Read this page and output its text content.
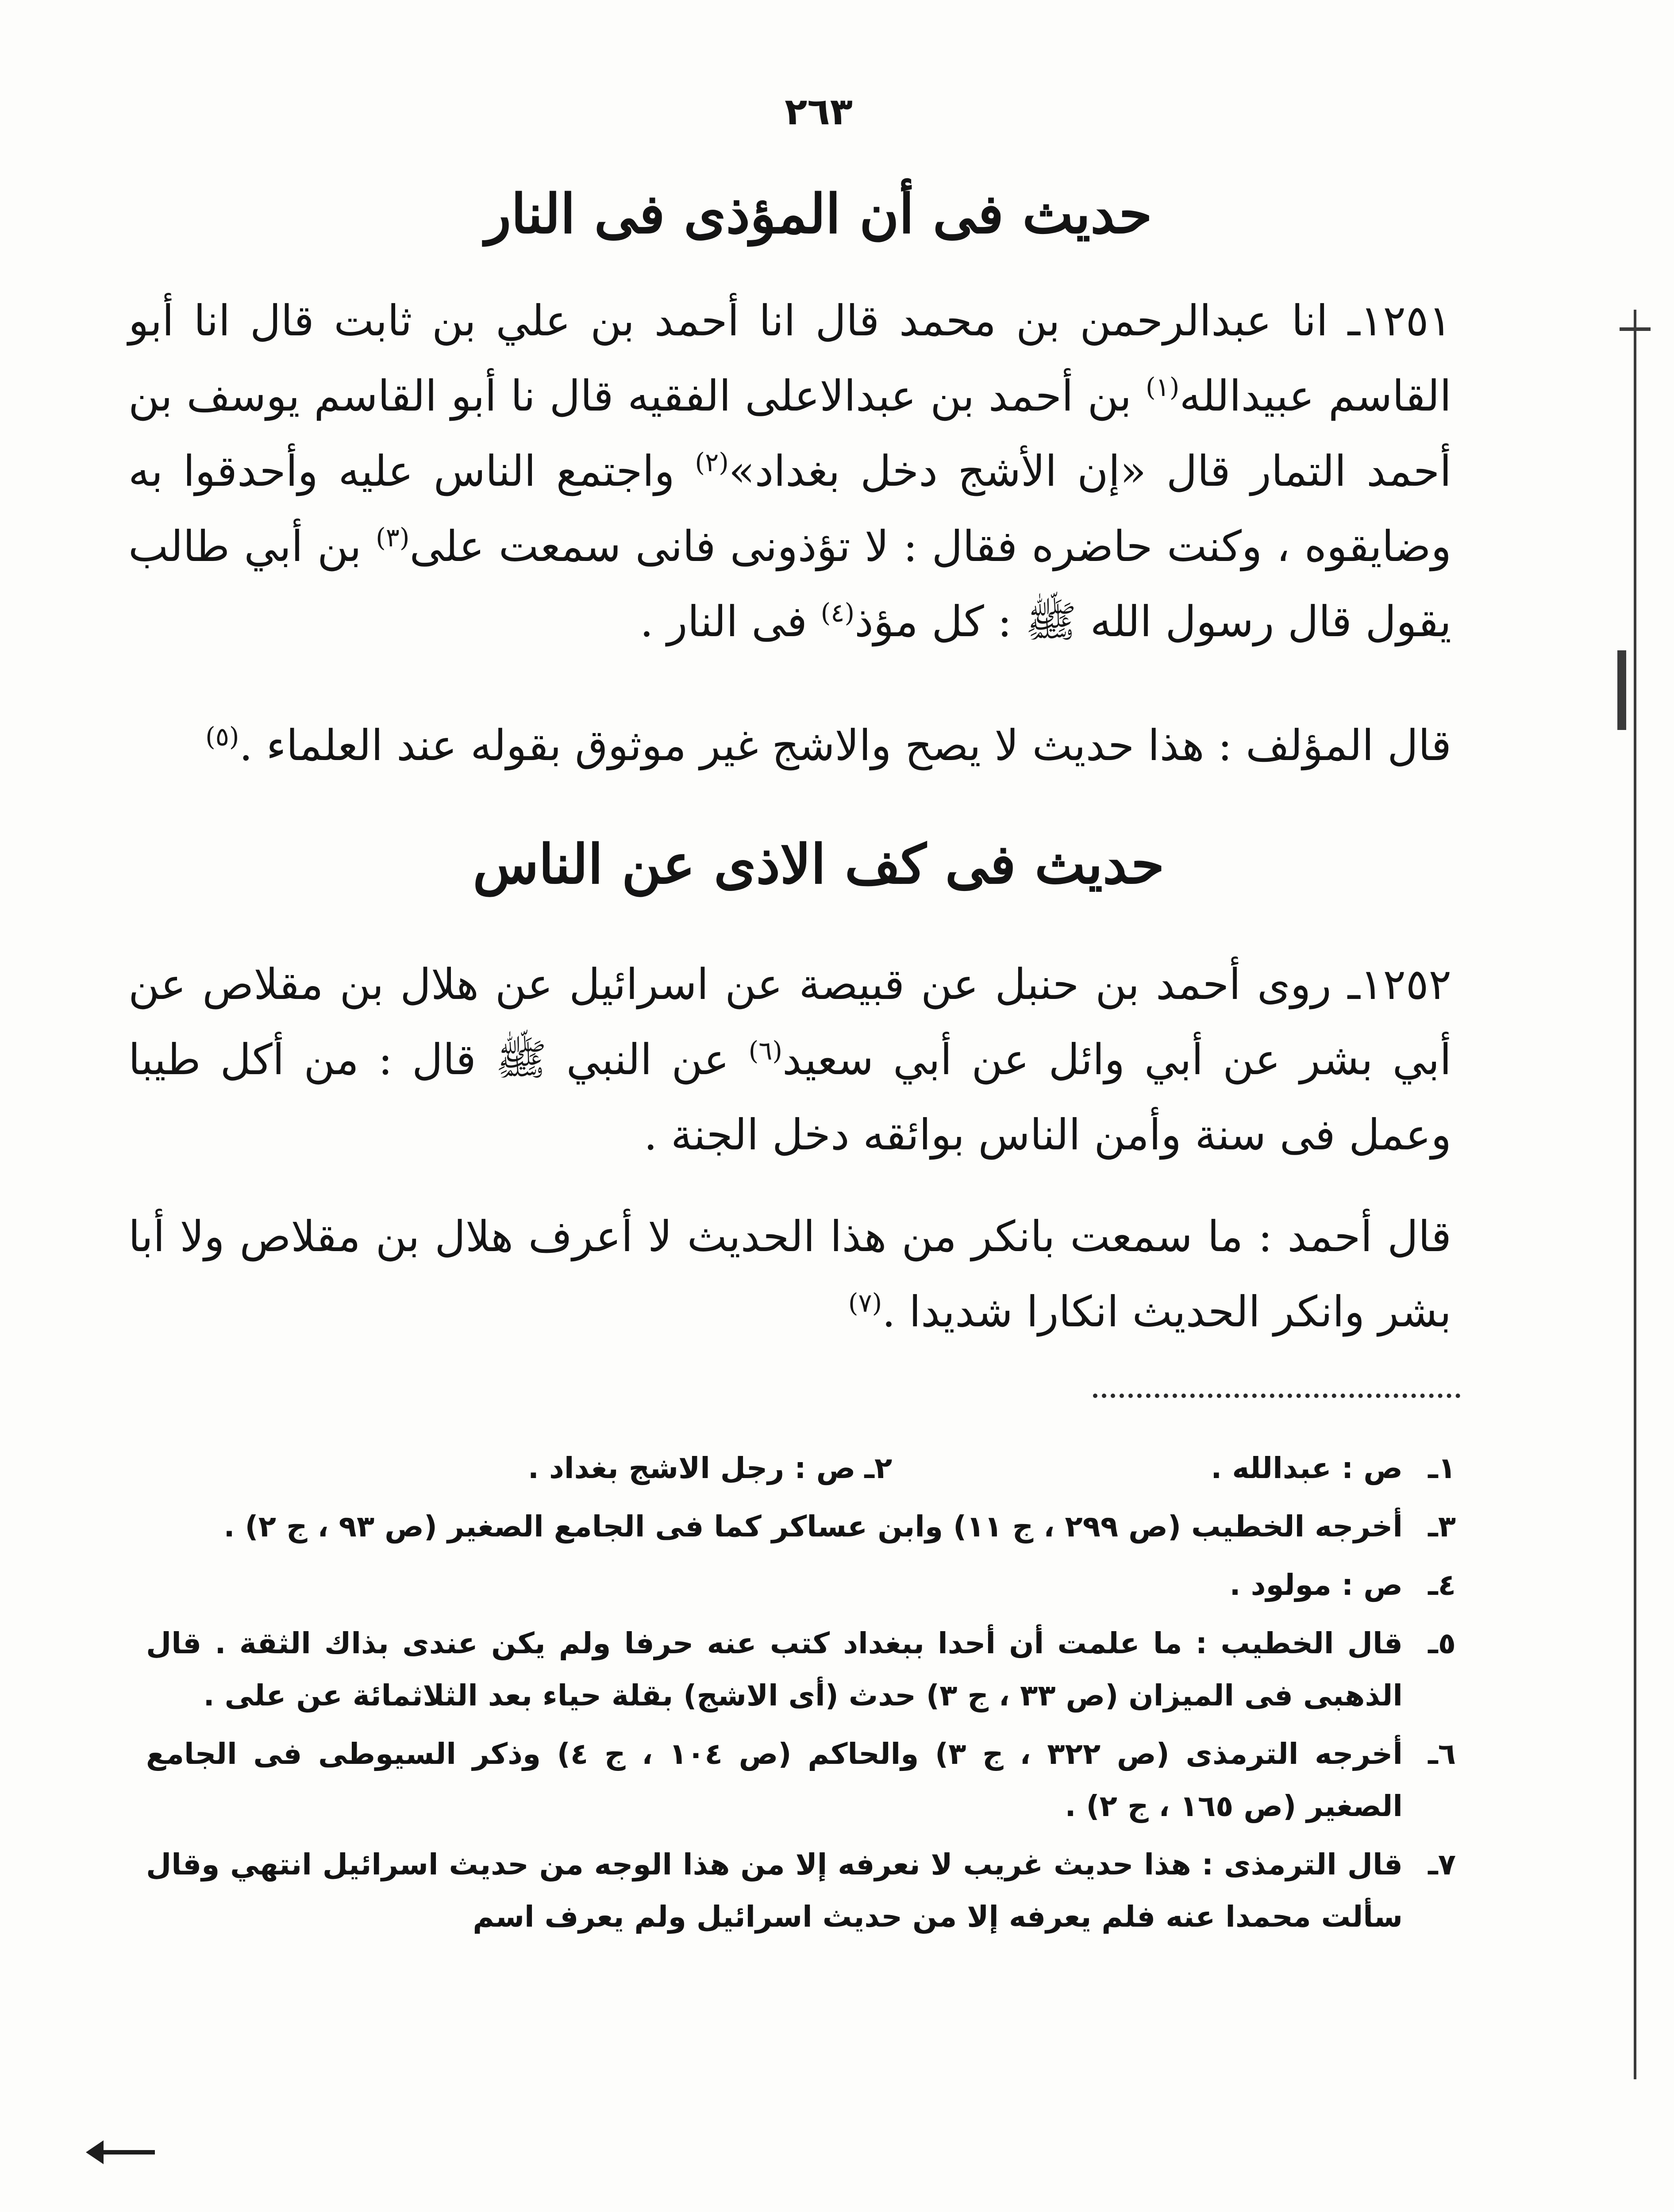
٢٦٣
حديث فى أن المؤذى فى النار
١٢٥١ـ انا عبدالرحمن بن محمد قال انا أحمد بن علي بن ثابت قال انا أبو القاسم عبيدالله$^{(١)}$ بن أحمد بن عبدالاعلى الفقيه قال نا أبو القاسم يوسف بن أحمد التمار قال «إن الأشج دخل بغداد»$^{(٢)}$ واجتمع الناس عليه وأحدقوا به وضايقوه ، وكنت حاضره فقال : لا تؤذونى فانى سمعت على$^{(٣)}$ بن أبي طالب يقول قال رسول الله ﷺ : كل مؤذ$^{(٤)}$ فى النار .
قال المؤلف : هذا حديث لا يصح والاشج غير موثوق بقوله عند العلماء .$^{(٥)}$
حديث فى كف الاذى عن الناس
١٢٥٢ـ روى أحمد بن حنبل عن قبيصة عن اسرائيل عن هلال بن مقلاص عن أبي بشر عن أبي وائل عن أبي سعيد$^{(٦)}$ عن النبي ﷺ قال : من أكل طيبا وعمل فى سنة وأمن الناس بوائقه دخل الجنة .
قال أحمد : ما سمعت بانكر من هذا الحديث لا أعرف هلال بن مقلاص ولا أبا بشر وانكر الحديث انكارا شديدا .$^{(٧)}$
١ـ
ص : عبدالله .
٢ـ
ص : رجل الاشج بغداد .
٣ـ
أخرجه الخطيب (ص ٢٩٩ ، ج ١١) وابن عساكر كما فى الجامع الصغير (ص ٩٣ ، ج ٢) .
٤ـ
ص : مولود .
٥ـ
قال الخطيب : ما علمت أن أحدا ببغداد كتب عنه حرفا ولم يكن عندى بذاك الثقة . قال الذهبى فى الميزان (ص ٣٣ ، ج ٣) حدث (أى الاشج) بقلة حياء بعد الثلاثمائة عن على .
٦ـ
أخرجه الترمذى (ص ٣٢٢ ، ج ٣) والحاكم (ص ١٠٤ ، ج ٤) وذكر السيوطى فى الجامع الصغير (ص ١٦٥ ، ج ٢) .
٧ـ
قال الترمذى : هذا حديث غريب لا نعرفه إلا من هذا الوجه من حديث اسرائيل انتهي وقال سألت محمدا عنه فلم يعرفه إلا من حديث اسرائيل ولم يعرف اسم
